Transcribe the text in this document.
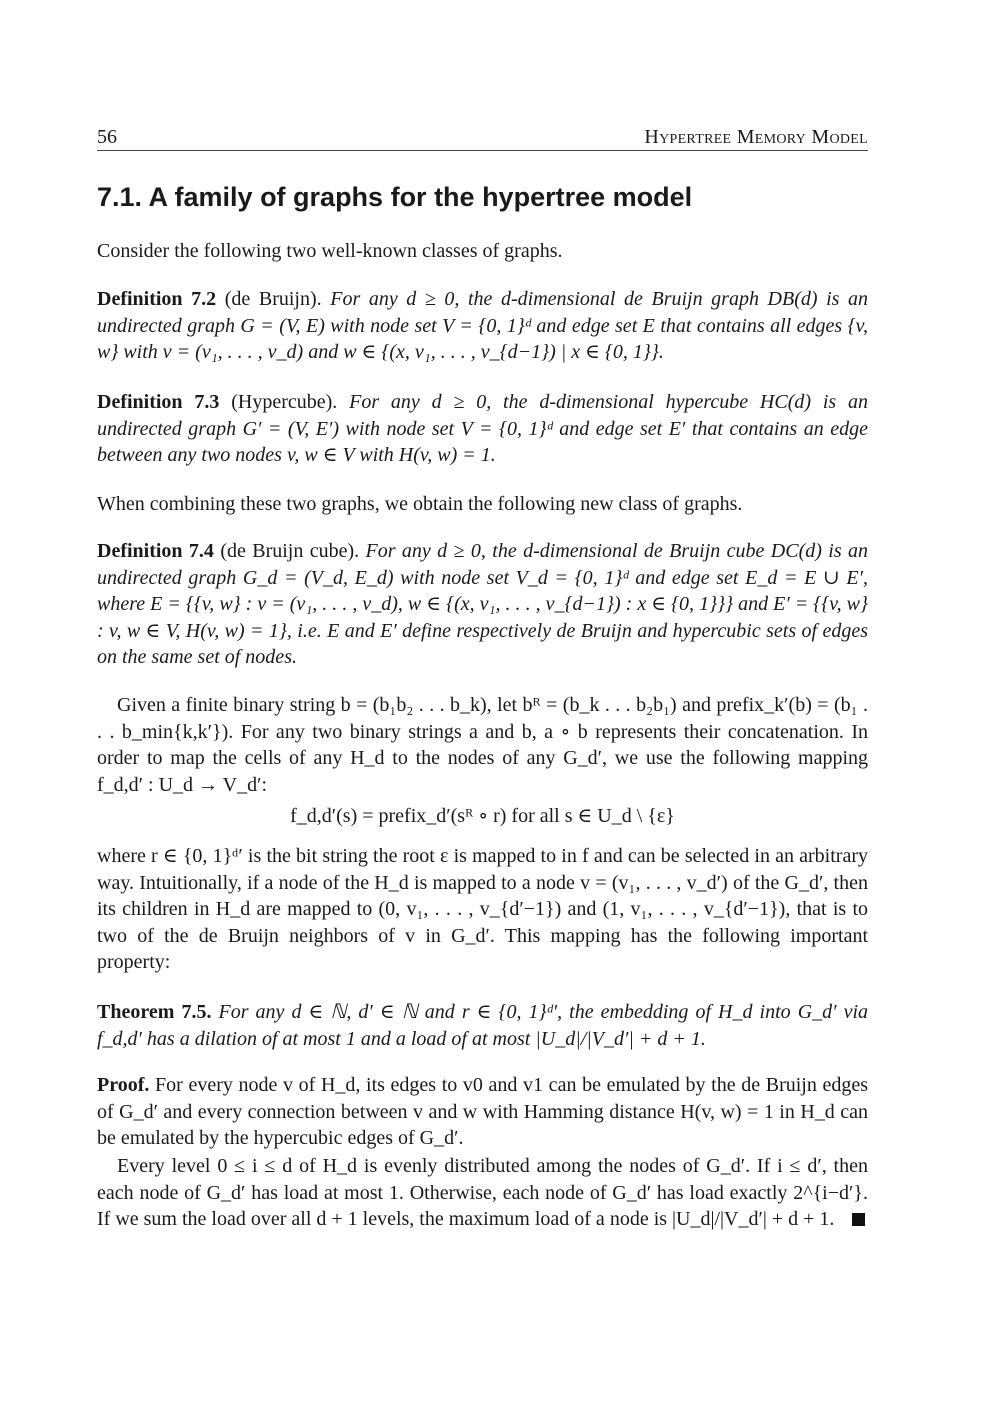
56	Hypertree Memory Model
7.1. A family of graphs for the hypertree model

Consider the following two well-known classes of graphs.

Definition 7.2 (de Bruijn). For any d ≥ 0, the d-dimensional de Bruijn graph DB(d) is an undirected graph G = (V, E) with node set V = {0, 1}ᵈ and edge set E that contains all edges {v, w} with v = (v₁, . . . , v_d) and w ∈ {(x, v₁, . . . , v_{d−1}) | x ∈ {0, 1}}.

Definition 7.3 (Hypercube). For any d ≥ 0, the d-dimensional hypercube HC(d) is an undirected graph G′ = (V, E′) with node set V = {0, 1}ᵈ and edge set E′ that contains an edge between any two nodes v, w ∈ V with H(v, w) = 1.

When combining these two graphs, we obtain the following new class of graphs.

Definition 7.4 (de Bruijn cube). For any d ≥ 0, the d-dimensional de Bruijn cube DC(d) is an undirected graph G_d = (V_d, E_d) with node set V_d = {0, 1}ᵈ and edge set E_d = E ∪ E′, where E = {{v, w} : v = (v₁, . . . , v_d), w ∈ {(x, v₁, . . . , v_{d−1}) : x ∈ {0, 1}}} and E′ = {{v, w} : v, w ∈ V, H(v, w) = 1}, i.e. E and E′ define respectively de Bruijn and hypercubic sets of edges on the same set of nodes.

Given a finite binary string b = (b₁b₂ . . . b_k), let bᴿ = (b_k . . . b₂b₁) and prefix_k′(b) = (b₁ . . . b_min{k,k′}). For any two binary strings a and b, a ∘ b represents their concatenation. In order to map the cells of any H_d to the nodes of any G_d′, we use the following mapping f_d,d′ : U_d → V_d′:

f_d,d′(s) = prefix_d′(sᴿ ∘ r) for all s ∈ U_d \ {ε}

where r ∈ {0, 1}ᵈ′ is the bit string the root ε is mapped to in f and can be selected in an arbitrary way. Intuitionally, if a node of the H_d is mapped to a node v = (v₁, . . . , v_d′) of the G_d′, then its children in H_d are mapped to (0, v₁, . . . , v_{d′−1}) and (1, v₁, . . . , v_{d′−1}), that is to two of the de Bruijn neighbors of v in G_d′. This mapping has the following important property:

Theorem 7.5. For any d ∈ ℕ, d′ ∈ ℕ and r ∈ {0, 1}ᵈ′, the embedding of H_d into G_d′ via f_d,d′ has a dilation of at most 1 and a load of at most |U_d|/|V_d′| + d + 1.

Proof. For every node v of H_d, its edges to v0 and v1 can be emulated by the de Bruijn edges of G_d′ and every connection between v and w with Hamming distance H(v, w) = 1 in H_d can be emulated by the hypercubic edges of G_d′.

Every level 0 ≤ i ≤ d of H_d is evenly distributed among the nodes of G_d′. If i ≤ d′, then each node of G_d′ has load at most 1. Otherwise, each node of G_d′ has load exactly 2^{i−d′}. If we sum the load over all d + 1 levels, the maximum load of a node is |U_d|/|V_d′| + d + 1.
